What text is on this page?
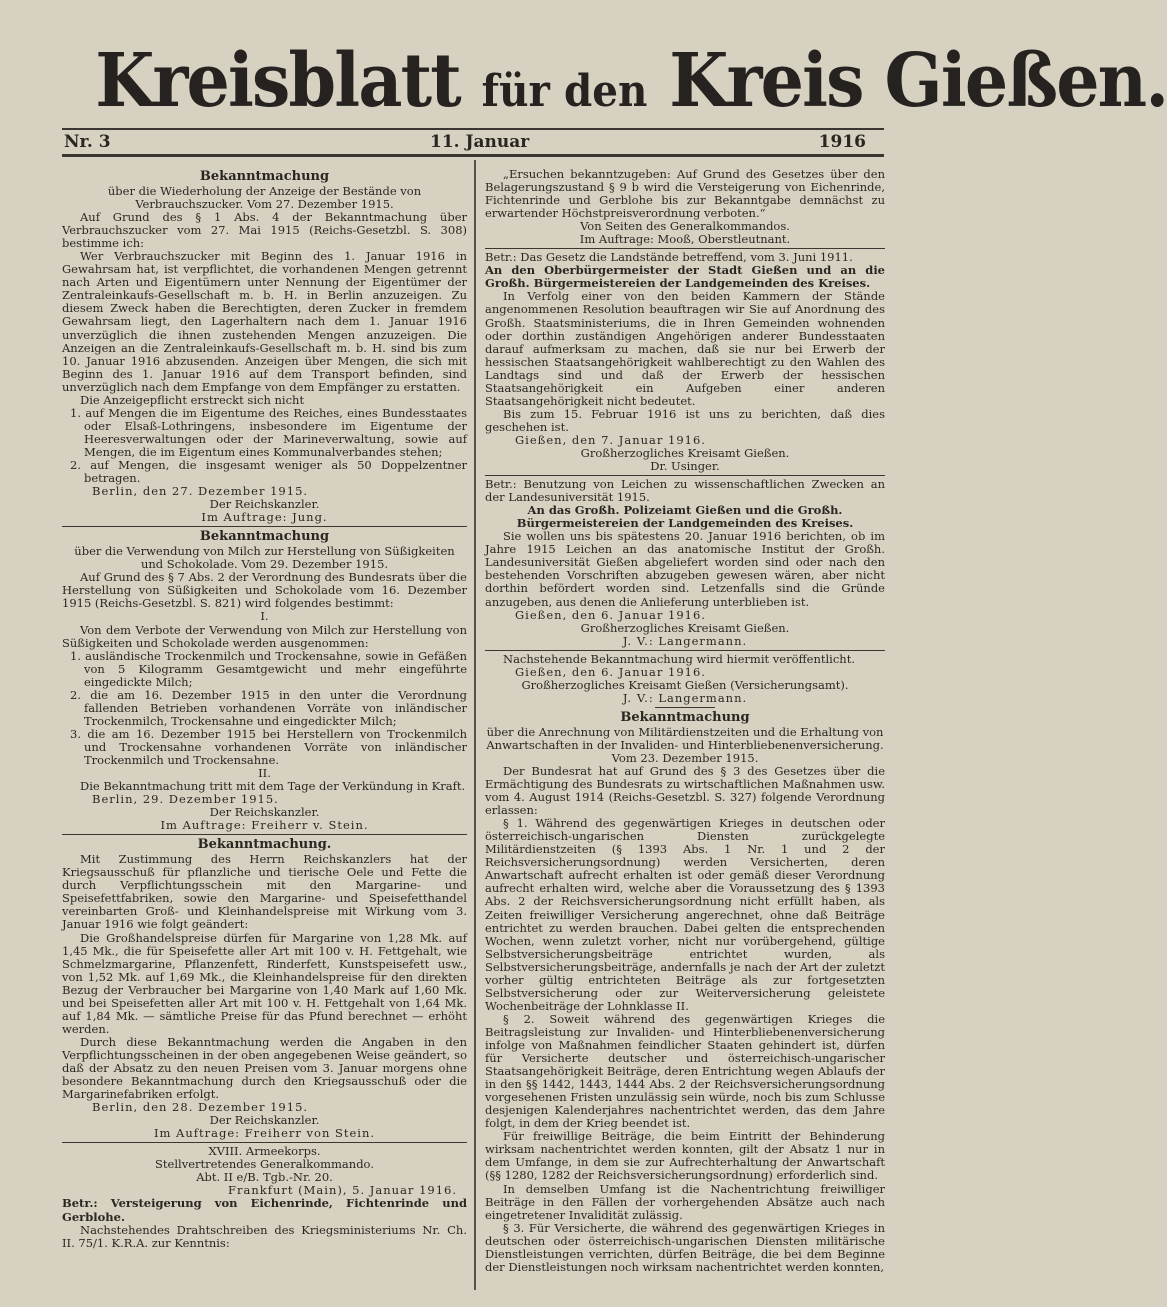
Kreisblatt für den Kreis Gießen.
Nr. 3	11. Januar	1916

Bekanntmachung

über die Wiederholung der Anzeige der Bestände von Verbrauchszucker. Vom 27. Dezember 1915.

Auf Grund des § 1 Abs. 4 der Bekanntmachung über Verbrauchszucker vom 27. Mai 1915 (Reichs-Gesetzbl. S. 308) bestimme ich:

Wer Verbrauchszucker mit Beginn des 1. Januar 1916 in Gewahrsam hat, ist verpflichtet, die vorhandenen Mengen getrennt nach Arten und Eigentümern unter Nennung der Eigentümer der Zentraleinkaufs-Gesellschaft m. b. H. in Berlin anzuzeigen. Zu diesem Zweck haben die Berechtigten, deren Zucker in fremdem Gewahrsam liegt, den Lagerhaltern nach dem 1. Januar 1916 unverzüglich die ihnen zustehenden Mengen anzuzeigen. Die Anzeigen an die Zentraleinkaufs-Gesellschaft m. b. H. sind bis zum 10. Januar 1916 abzusenden. Anzeigen über Mengen, die sich mit Beginn des 1. Januar 1916 auf dem Transport befinden, sind unverzüglich nach dem Empfange von dem Empfänger zu erstatten.

Die Anzeigepflicht erstreckt sich nicht

1. auf Mengen die im Eigentume des Reiches, eines Bundesstaates oder Elsaß-Lothringens, insbesondere im Eigentume der Heeresverwaltungen oder der Marineverwaltung, sowie auf Mengen, die im Eigentum eines Kommunalverbandes stehen;

2. auf Mengen, die insgesamt weniger als 50 Doppelzentner betragen.

Berlin, den 27. Dezember 1915.

Der Reichskanzler.

Im Auftrage: Jung.

Bekanntmachung

über die Verwendung von Milch zur Herstellung von Süßigkeiten und Schokolade. Vom 29. Dezember 1915.

Auf Grund des § 7 Abs. 2 der Verordnung des Bundesrats über die Herstellung von Süßigkeiten und Schokolade vom 16. Dezember 1915 (Reichs-Gesetzbl. S. 821) wird folgendes bestimmt:

I.

Von dem Verbote der Verwendung von Milch zur Herstellung von Süßigkeiten und Schokolade werden ausgenommen:

1. ausländische Trockenmilch und Trockensahne, sowie in Gefäßen von 5 Kilogramm Gesamtgewicht und mehr eingeführte eingedickte Milch;

2. die am 16. Dezember 1915 in den unter die Verordnung fallenden Betrieben vorhandenen Vorräte von inländischer Trockenmilch, Trockensahne und eingedickter Milch;

3. die am 16. Dezember 1915 bei Herstellern von Trockenmilch und Trockensahne vorhandenen Vorräte von inländischer Trockenmilch und Trockensahne.

II.

Die Bekanntmachung tritt mit dem Tage der Verkündung in Kraft.

Berlin, 29. Dezember 1915.

Der Reichskanzler.

Im Auftrage: Freiherr v. Stein.

Bekanntmachung.

Mit Zustimmung des Herrn Reichskanzlers hat der Kriegsausschuß für pflanzliche und tierische Oele und Fette die durch Verpflichtungsschein mit den Margarine- und Speisefettfabriken, sowie den Margarine- und Speisefetthandel vereinbarten Groß- und Kleinhandelspreise mit Wirkung vom 3. Januar 1916 wie folgt geändert:

Die Großhandelspreise dürfen für Margarine von 1,28 Mk. auf 1,45 Mk., die für Speisefette aller Art mit 100 v. H. Fettgehalt, wie Schmelzmargarine, Pflanzenfett, Rinderfett, Kunstspeisefett usw., von 1,52 Mk. auf 1,69 Mk., die Kleinhandelspreise für den direkten Bezug der Verbraucher bei Margarine von 1,40 Mark auf 1,60 Mk. und bei Speisefetten aller Art mit 100 v. H. Fettgehalt von 1,64 Mk. auf 1,84 Mk. — sämtliche Preise für das Pfund berechnet — erhöht werden.

Durch diese Bekanntmachung werden die Angaben in den Verpflichtungsscheinen in der oben angegebenen Weise geändert, so daß der Absatz zu den neuen Preisen vom 3. Januar morgens ohne besondere Bekanntmachung durch den Kriegsausschuß oder die Margarinefabriken erfolgt.

Berlin, den 28. Dezember 1915.

Der Reichskanzler.

Im Auftrage: Freiherr von Stein.

XVIII. Armeekorps.

Stellvertretendes Generalkommando.

Abt. II e/B. Tgb.-Nr. 20.

Frankfurt (Main), 5. Januar 1916.

Betr.: Versteigerung von Eichenrinde, Fichtenrinde und Gerblohe.

Nachstehendes Drahtschreiben des Kriegsministeriums Nr. Ch. II. 75/1. K.R.A. zur Kenntnis:

„Ersuchen bekanntzugeben: Auf Grund des Gesetzes über den Belagerungszustand § 9 b wird die Versteigerung von Eichenrinde, Fichtenrinde und Gerblohe bis zur Bekanntgabe demnächst zu erwartender Höchstpreisverordnung verboten.“

Von Seiten des Generalkommandos.

Im Auftrage: Mooß, Oberstleutnant.

Betr.: Das Gesetz die Landstände betreffend, vom 3. Juni 1911.

An den Oberbürgermeister der Stadt Gießen und an die Großh. Bürgermeistereien der Landgemeinden des Kreises.

In Verfolg einer von den beiden Kammern der Stände angenommenen Resolution beauftragen wir Sie auf Anordnung des Großh. Staatsministeriums, die in Ihren Gemeinden wohnenden oder dorthin zuständigen Angehörigen anderer Bundesstaaten darauf aufmerksam zu machen, daß sie nur bei Erwerb der hessischen Staatsangehörigkeit wahlberechtigt zu den Wahlen des Landtags sind und daß der Erwerb der hessischen Staatsangehörigkeit ein Aufgeben einer anderen Staatsangehörigkeit nicht bedeutet.

Bis zum 15. Februar 1916 ist uns zu berichten, daß dies geschehen ist.

Gießen, den 7. Januar 1916.

Großherzogliches Kreisamt Gießen.

Dr. Usinger.

Betr.: Benutzung von Leichen zu wissenschaftlichen Zwecken an der Landesuniversität 1915.

An das Großh. Polizeiamt Gießen und die Großh. Bürgermeistereien der Landgemeinden des Kreises.

Sie wollen uns bis spätestens 20. Januar 1916 berichten, ob im Jahre 1915 Leichen an das anatomische Institut der Großh. Landesuniversität Gießen abgeliefert worden sind oder nach den bestehenden Vorschriften abzugeben gewesen wären, aber nicht dorthin befördert worden sind. Letzenfalls sind die Gründe anzugeben, aus denen die Anlieferung unterblieben ist.

Gießen, den 6. Januar 1916.

Großherzogliches Kreisamt Gießen.

J. V.: Langermann.

Nachstehende Bekanntmachung wird hiermit veröffentlicht.

Gießen, den 6. Januar 1916.

Großherzogliches Kreisamt Gießen (Versicherungsamt).

J. V.: Langermann.

Bekanntmachung

über die Anrechnung von Militärdienstzeiten und die Erhaltung von Anwartschaften in der Invaliden- und Hinterbliebenenversicherung. Vom 23. Dezember 1915.

Der Bundesrat hat auf Grund des § 3 des Gesetzes über die Ermächtigung des Bundesrats zu wirtschaftlichen Maßnahmen usw. vom 4. August 1914 (Reichs-Gesetzbl. S. 327) folgende Verordnung erlassen:

§ 1. Während des gegenwärtigen Krieges in deutschen oder österreichisch-ungarischen Diensten zurückgelegte Militärdienstzeiten (§ 1393 Abs. 1 Nr. 1 und 2 der Reichsversicherungsordnung) werden Versicherten, deren Anwartschaft aufrecht erhalten ist oder gemäß dieser Verordnung aufrecht erhalten wird, welche aber die Voraussetzung des § 1393 Abs. 2 der Reichsversicherungsordnung nicht erfüllt haben, als Zeiten freiwilliger Versicherung angerechnet, ohne daß Beiträge entrichtet zu werden brauchen. Dabei gelten die entsprechenden Wochen, wenn zuletzt vorher, nicht nur vorübergehend, gültige Selbstversicherungsbeiträge entrichtet wurden, als Selbstversicherungsbeiträge, andernfalls je nach der Art der zuletzt vorher gültig entrichteten Beiträge als zur fortgesetzten Selbstversicherung oder zur Weiterversicherung geleistete Wochenbeiträge der Lohnklasse II.

§ 2. Soweit während des gegenwärtigen Krieges die Beitragsleistung zur Invaliden- und Hinterbliebenenversicherung infolge von Maßnahmen feindlicher Staaten gehindert ist, dürfen für Versicherte deutscher und österreichisch-ungarischer Staatsangehörigkeit Beiträge, deren Entrichtung wegen Ablaufs der in den §§ 1442, 1443, 1444 Abs. 2 der Reichsversicherungsordnung vorgesehenen Fristen unzulässig sein würde, noch bis zum Schlusse desjenigen Kalenderjahres nachentrichtet werden, das dem Jahre folgt, in dem der Krieg beendet ist.

Für freiwillige Beiträge, die beim Eintritt der Behinderung wirksam nachentrichtet werden konnten, gilt der Absatz 1 nur in dem Umfange, in dem sie zur Aufrechterhaltung der Anwartschaft (§§ 1280, 1282 der Reichsversicherungsordnung) erforderlich sind.

In demselben Umfang ist die Nachentrichtung freiwilliger Beiträge in den Fällen der vorhergehenden Absätze auch nach eingetretener Invalidität zulässig.

§ 3. Für Versicherte, die während des gegenwärtigen Krieges in deutschen oder österreichisch-ungarischen Diensten militärische Dienstleistungen verrichten, dürfen Beiträge, die bei dem Beginne der Dienstleistungen noch wirksam nachentrichtet werden konnten,
